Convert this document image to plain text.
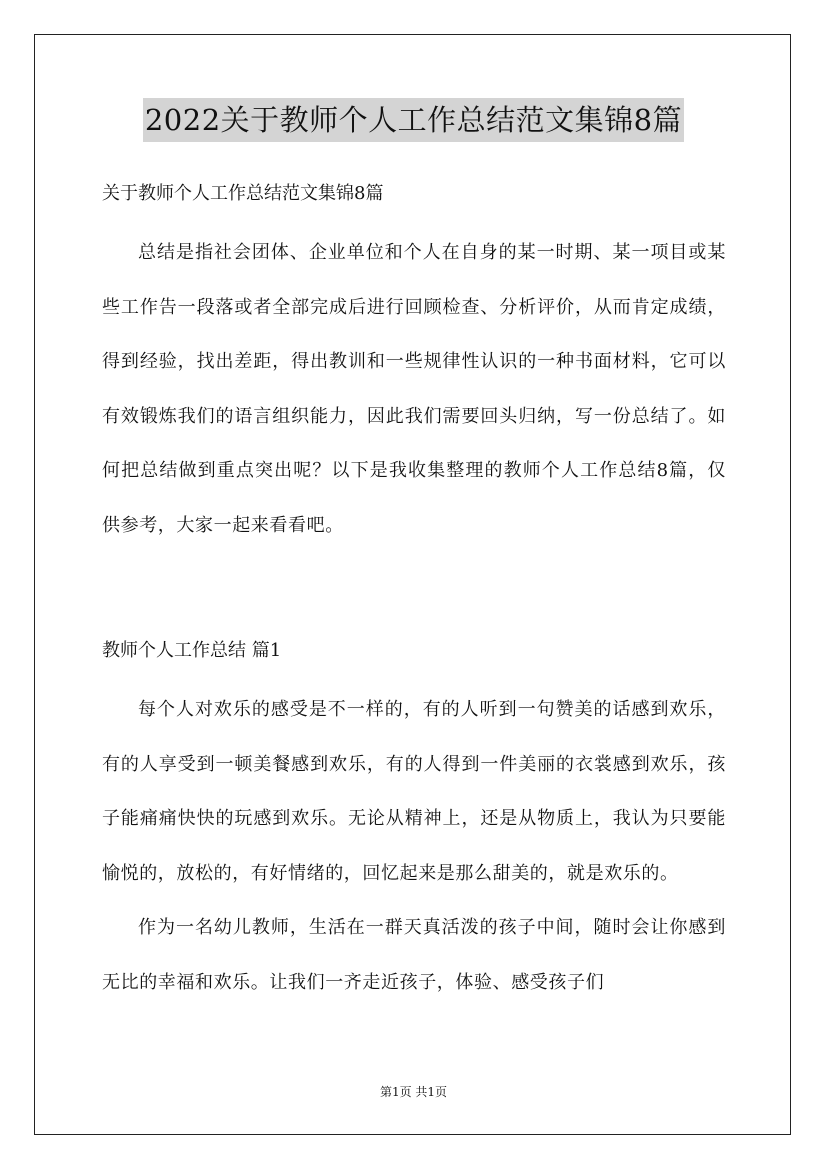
2022关于教师个人工作总结范文集锦8篇

关于教师个人工作总结范文集锦8篇

总结是指社会团体、企业单位和个人在自身的某一时期、某一项目或某些工作告一段落或者全部完成后进行回顾检查、分析评价，从而肯定成绩，得到经验，找出差距，得出教训和一些规律性认识的一种书面材料，它可以有效锻炼我们的语言组织能力，因此我们需要回头归纳，写一份总结了。如何把总结做到重点突出呢？以下是我收集整理的教师个人工作总结8篇，仅供参考，大家一起来看看吧。

教师个人工作总结 篇1

每个人对欢乐的感受是不一样的，有的人听到一句赞美的话感到欢乐，有的人享受到一顿美餐感到欢乐，有的人得到一件美丽的衣裳感到欢乐，孩子能痛痛快快的玩感到欢乐。无论从精神上，还是从物质上，我认为只要能愉悦的，放松的，有好情绪的，回忆起来是那么甜美的，就是欢乐的。

作为一名幼儿教师，生活在一群天真活泼的孩子中间，随时会让你感到无比的幸福和欢乐。让我们一齐走近孩子，体验、感受孩子们

第1页 共1页
